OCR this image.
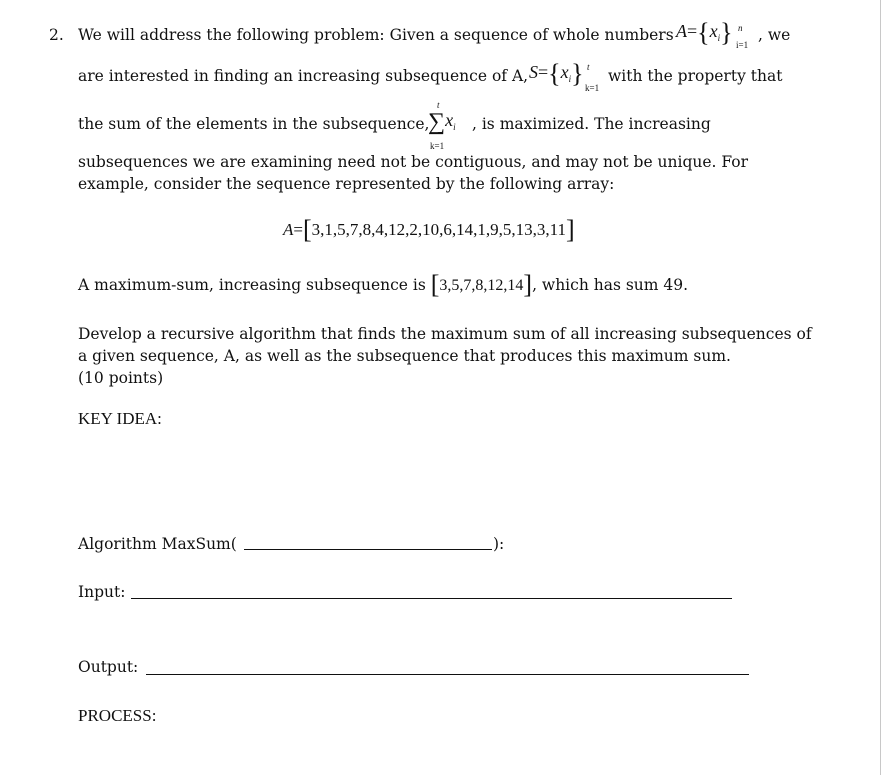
2. We will address the following problem: Given a sequence of whole numbers $A=\{x_i\}$ n
i=1
, we
are interested in finding an increasing subsequence of A, $S=\{x_i\}$ t
k=1
with the property that
the sum of the elements in the subsequence,
t
$\sum x_i$
k=1
, is maximized. The increasing
subsequences we are examining need not be contiguous, and may not be unique. For
example, consider the sequence represented by the following array:
A=[3,1,5,7,8,4,12,2,10,6,14,1,9,5,13,3,11]
A maximum-sum, increasing subsequence is [3,5,7,8,12,14], which has sum 49.
Develop a recursive algorithm that finds the maximum sum of all increasing subsequences of
a given sequence, A, as well as the subsequence that produces this maximum sum.
(10 points)
KEY IDEA:
Algorithm MaxSum(	):
Input:
Output:
PROCESS:
